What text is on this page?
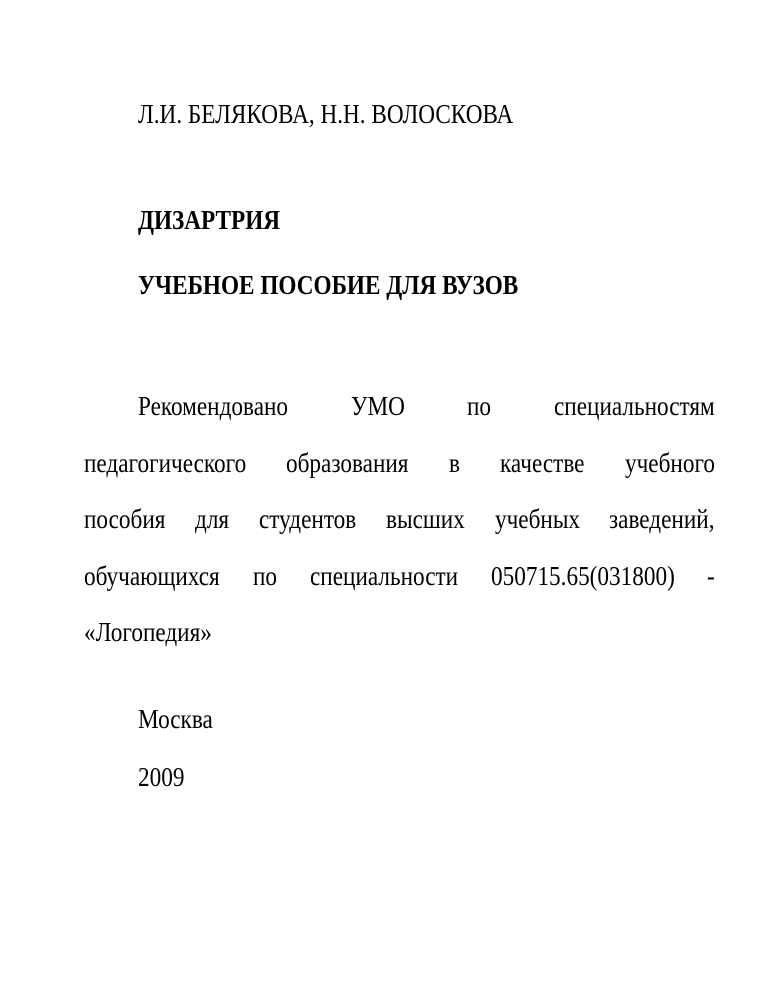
Л.И. БЕЛЯКОВА, Н.Н. ВОЛОСКОВА
ДИЗАРТРИЯ
УЧЕБНОЕ ПОСОБИЕ ДЛЯ ВУЗОВ
Рекомендовано УМО по специальностям
педагогического образования в качестве учебного
пособия для студентов высших учебных заведений,
обучающихся по специальности 050715.65(031800) -
«Логопедия»
Москва
2009
